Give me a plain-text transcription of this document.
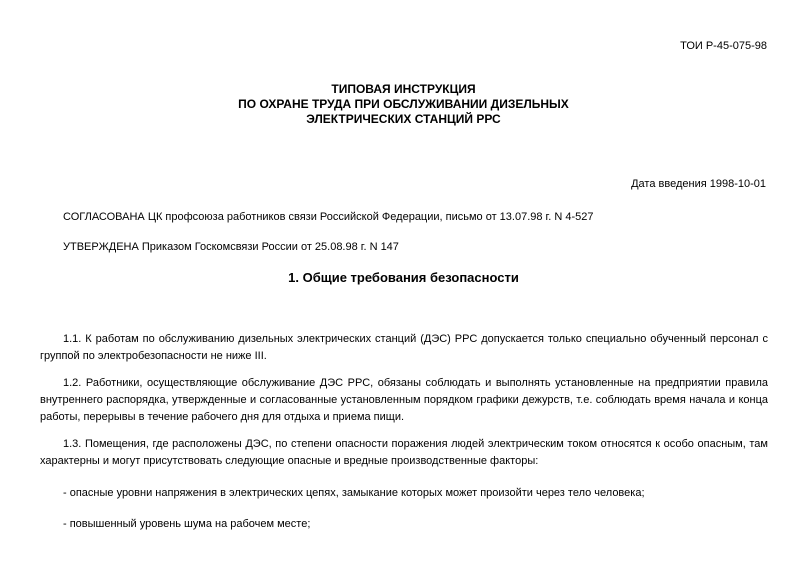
ТОИ Р-45-075-98
ТИПОВАЯ ИНСТРУКЦИЯ
ПО ОХРАНЕ ТРУДА ПРИ ОБСЛУЖИВАНИИ ДИЗЕЛЬНЫХ
ЭЛЕКТРИЧЕСКИХ СТАНЦИЙ РРС
Дата введения 1998-10-01
СОГЛАСОВАНА ЦК профсоюза работников связи Российской Федерации, письмо от 13.07.98 г. N 4-527
УТВЕРЖДЕНА Приказом Госкомсвязи России от 25.08.98 г. N 147
1. Общие требования безопасности
1.1. К работам по обслуживанию дизельных электрических станций (ДЭС) РРС допускается только специально обученный персонал с группой по электробезопасности не ниже III.
1.2. Работники, осуществляющие обслуживание ДЭС РРС, обязаны соблюдать и выполнять установленные на предприятии правила внутреннего распорядка, утвержденные и согласованные установленным порядком графики дежурств, т.е. соблюдать время начала и конца работы, перерывы в течение рабочего дня для отдыха и приема пищи.
1.3. Помещения, где расположены ДЭС, по степени опасности поражения людей электрическим током относятся к особо опасным, там характерны и могут присутствовать следующие опасные и вредные производственные факторы:
- опасные уровни напряжения в электрических цепях, замыкание которых может произойти через тело человека;
- повышенный уровень шума на рабочем месте;
